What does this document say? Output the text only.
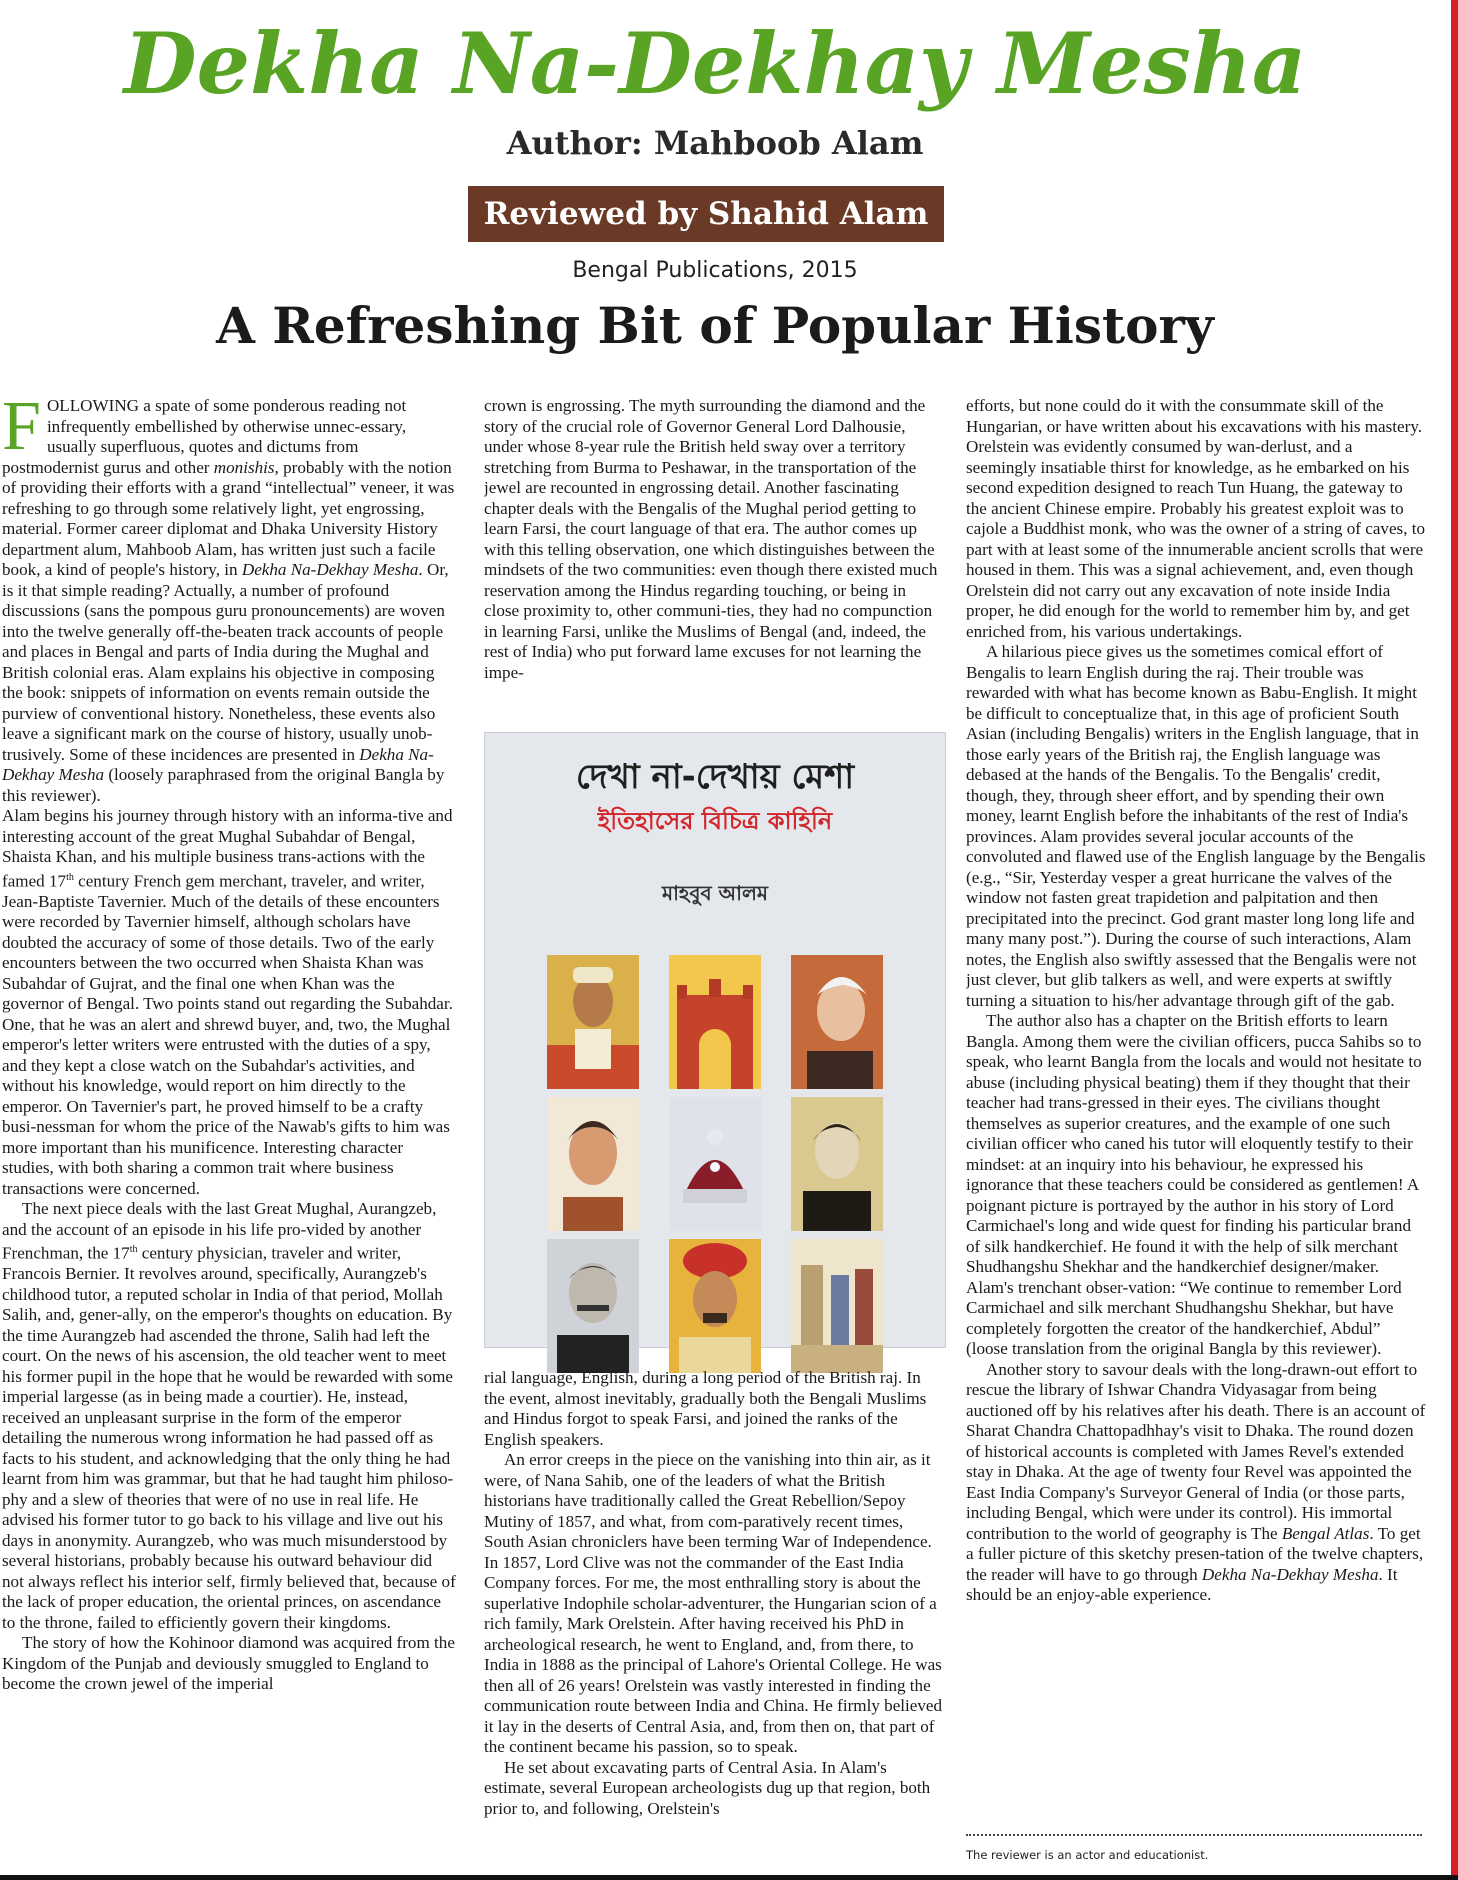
Dekha Na-Dekhay Mesha
Author: Mahboob Alam
Reviewed by Shahid Alam
Bengal Publications, 2015
A Refreshing Bit of Popular History

FOLLOWING a spate of some ponderous reading not infrequently embellished by otherwise unnec-essary, usually superfluous, quotes and dictums from postmodernist gurus and other monishis, probably with the notion of providing their efforts with a grand “intellectual” veneer, it was refreshing to go through some relatively light, yet engrossing, material. Former career diplomat and Dhaka University History department alum, Mahboob Alam, has written just such a facile book, a kind of people's history, in Dekha Na-Dekhay Mesha. Or, is it that simple reading? Actually, a number of profound discussions (sans the pompous guru pronouncements) are woven into the twelve generally off-the-beaten track accounts of people and places in Bengal and parts of India during the Mughal and British colonial eras. Alam explains his objective in composing the book: snippets of information on events remain outside the purview of conventional history. Nonetheless, these events also leave a significant mark on the course of history, usually unob-trusively. Some of these incidences are presented in Dekha Na-Dekhay Mesha (loosely paraphrased from the original Bangla by this reviewer).

Alam begins his journey through history with an informa-tive and interesting account of the great Mughal Subahdar of Bengal, Shaista Khan, and his multiple business trans-actions with the famed 17th century French gem merchant, traveler, and writer, Jean-Baptiste Tavernier. Much of the details of these encounters were recorded by Tavernier himself, although scholars have doubted the accuracy of some of those details. Two of the early encounters between the two occurred when Shaista Khan was Subahdar of Gujrat, and the final one when Khan was the governor of Bengal. Two points stand out regarding the Subahdar. One, that he was an alert and shrewd buyer, and, two, the Mughal emperor's letter writers were entrusted with the duties of a spy, and they kept a close watch on the Subahdar's activities, and without his knowledge, would report on him directly to the emperor. On Tavernier's part, he proved himself to be a crafty busi-nessman for whom the price of the Nawab's gifts to him was more important than his munificence. Interesting character studies, with both sharing a common trait where business transactions were concerned.

The next piece deals with the last Great Mughal, Aurangzeb, and the account of an episode in his life pro-vided by another Frenchman, the 17th century physician, traveler and writer, Francois Bernier. It revolves around, specifically, Aurangzeb's childhood tutor, a reputed scholar in India of that period, Mollah Salih, and, gener-ally, on the emperor's thoughts on education. By the time Aurangzeb had ascended the throne, Salih had left the court. On the news of his ascension, the old teacher went to meet his former pupil in the hope that he would be rewarded with some imperial largesse (as in being made a courtier). He, instead, received an unpleasant surprise in the form of the emperor detailing the numerous wrong information he had passed off as facts to his student, and acknowledging that the only thing he had learnt from him was grammar, but that he had taught him philoso-phy and a slew of theories that were of no use in real life. He advised his former tutor to go back to his village and live out his days in anonymity. Aurangzeb, who was much misunderstood by several historians, probably because his outward behaviour did not always reflect his interior self, firmly believed that, because of the lack of proper education, the oriental princes, on ascendance to the throne, failed to efficiently govern their kingdoms.

The story of how the Kohinoor diamond was acquired from the Kingdom of the Punjab and deviously smuggled to England to become the crown jewel of the imperial

crown is engrossing. The myth surrounding the diamond and the story of the crucial role of Governor General Lord Dalhousie, under whose 8-year rule the British held sway over a territory stretching from Burma to Peshawar, in the transportation of the jewel are recounted in engrossing detail. Another fascinating chapter deals with the Bengalis of the Mughal period getting to learn Farsi, the court language of that era. The author comes up with this telling observation, one which distinguishes between the mindsets of the two communities: even though there existed much reservation among the Hindus regarding touching, or being in close proximity to, other communi-ties, they had no compunction in learning Farsi, unlike the Muslims of Bengal (and, indeed, the rest of India) who put forward lame excuses for not learning the impe-

দেখা না-দেখায় মেশা
ইতিহাসের বিচিত্র কাহিনি
মাহবুব আলম

rial language, English, during a long period of the British raj. In the event, almost inevitably, gradually both the Bengali Muslims and Hindus forgot to speak Farsi, and joined the ranks of the English speakers.

An error creeps in the piece on the vanishing into thin air, as it were, of Nana Sahib, one of the leaders of what the British historians have traditionally called the Great Rebellion/Sepoy Mutiny of 1857, and what, from com-paratively recent times, South Asian chroniclers have been terming War of Independence. In 1857, Lord Clive was not the commander of the East India Company forces. For me, the most enthralling story is about the superlative Indophile scholar-adventurer, the Hungarian scion of a rich family, Mark Orelstein. After having received his PhD in archeological research, he went to England, and, from there, to India in 1888 as the principal of Lahore's Oriental College. He was then all of 26 years! Orelstein was vastly interested in finding the communication route between India and China. He firmly believed it lay in the deserts of Central Asia, and, from then on, that part of the continent became his passion, so to speak.

He set about excavating parts of Central Asia. In Alam's estimate, several European archeologists dug up that region, both prior to, and following, Orelstein's

efforts, but none could do it with the consummate skill of the Hungarian, or have written about his excavations with his mastery. Orelstein was evidently consumed by wan-derlust, and a seemingly insatiable thirst for knowledge, as he embarked on his second expedition designed to reach Tun Huang, the gateway to the ancient Chinese empire. Probably his greatest exploit was to cajole a Buddhist monk, who was the owner of a string of caves, to part with at least some of the innumerable ancient scrolls that were housed in them. This was a signal achievement, and, even though Orelstein did not carry out any excavation of note inside India proper, he did enough for the world to remember him by, and get enriched from, his various undertakings.

A hilarious piece gives us the sometimes comical effort of Bengalis to learn English during the raj. Their trouble was rewarded with what has become known as Babu-English. It might be difficult to conceptualize that, in this age of proficient South Asian (including Bengalis) writers in the English language, that in those early years of the British raj, the English language was debased at the hands of the Bengalis. To the Bengalis' credit, though, they, through sheer effort, and by spending their own money, learnt English before the inhabitants of the rest of India's provinces. Alam provides several jocular accounts of the convoluted and flawed use of the English language by the Bengalis (e.g., “Sir, Yesterday vesper a great hurricane the valves of the window not fasten great trapidetion and palpitation and then precipitated into the precinct. God grant master long long life and many many post.”). During the course of such interactions, Alam notes, the English also swiftly assessed that the Bengalis were not just clever, but glib talkers as well, and were experts at swiftly turning a situation to his/her advantage through gift of the gab.

The author also has a chapter on the British efforts to learn Bangla. Among them were the civilian officers, pucca Sahibs so to speak, who learnt Bangla from the locals and would not hesitate to abuse (including physical beating) them if they thought that their teacher had trans-gressed in their eyes. The civilians thought themselves as superior creatures, and the example of one such civilian officer who caned his tutor will eloquently testify to their mindset: at an inquiry into his behaviour, he expressed his ignorance that these teachers could be considered as gentlemen! A poignant picture is portrayed by the author in his story of Lord Carmichael's long and wide quest for finding his particular brand of silk handkerchief. He found it with the help of silk merchant Shudhangshu Shekhar and the handkerchief designer/maker. Alam's trenchant obser-vation: “We continue to remember Lord Carmichael and silk merchant Shudhangshu Shekhar, but have completely forgotten the creator of the handkerchief, Abdul” (loose translation from the original Bangla by this reviewer).

Another story to savour deals with the long-drawn-out effort to rescue the library of Ishwar Chandra Vidyasagar from being auctioned off by his relatives after his death. There is an account of Sharat Chandra Chattopadhhay's visit to Dhaka. The round dozen of historical accounts is completed with James Revel's extended stay in Dhaka. At the age of twenty four Revel was appointed the East India Company's Surveyor General of India (or those parts, including Bengal, which were under its control). His immortal contribution to the world of geography is The Bengal Atlas. To get a fuller picture of this sketchy presen-tation of the twelve chapters, the reader will have to go through Dekha Na-Dekhay Mesha. It should be an enjoy-able experience.

The reviewer is an actor and educationist.
